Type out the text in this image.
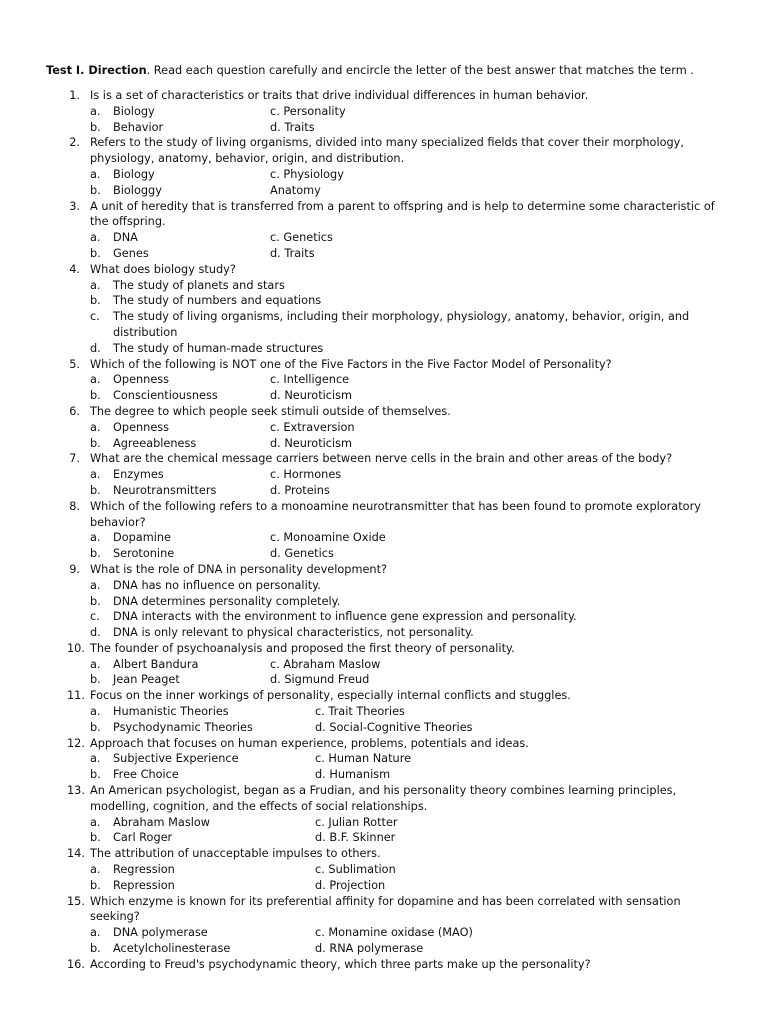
Test I. Direction. Read each question carefully and encircle the letter of the best answer that matches the term .
1. Is is a set of characteristics or traits that drive individual differences in human behavior.
a. Biology	c. Personality
b. Behavior	d. Traits
2. Refers to the study of living organisms, divided into many specialized fields that cover their morphology, physiology, anatomy, behavior, origin, and distribution.
a. Biology	c. Physiology
b. Biologgy	Anatomy
3. A unit of heredity that is transferred from a parent to offspring and is help to determine some characteristic of the offspring.
a. DNA	c. Genetics
b. Genes	d. Traits
4. What does biology study?
a. The study of planets and stars
b. The study of numbers and equations
c. The study of living organisms, including their morphology, physiology, anatomy, behavior, origin, and distribution
d. The study of human-made structures
5. Which of the following is NOT one of the Five Factors in the Five Factor Model of Personality?
a. Openness	c. Intelligence
b. Conscientiousness	d. Neuroticism
6. The degree to which people seek stimuli outside of themselves.
a. Openness	c. Extraversion
b. Agreeableness	d. Neuroticism
7. What are the chemical message carriers between nerve cells in the brain and other areas of the body?
a. Enzymes	c. Hormones
b. Neurotransmitters	d. Proteins
8. Which of the following refers to a monoamine neurotransmitter that has been found to promote exploratory behavior?
a. Dopamine	c. Monoamine Oxide
b. Serotonine	d. Genetics
9. What is the role of DNA in personality development?
a. DNA has no influence on personality.
b. DNA determines personality completely.
c. DNA interacts with the environment to influence gene expression and personality.
d. DNA is only relevant to physical characteristics, not personality.
10. The founder of psychoanalysis and proposed the first theory of personality.
a. Albert Bandura	c. Abraham Maslow
b. Jean Peaget	d. Sigmund Freud
11. Focus on the inner workings of personality, especially internal conflicts and stuggles.
a. Humanistic Theories	c. Trait Theories
b. Psychodynamic Theories	d. Social-Cognitive Theories
12. Approach that focuses on human experience, problems, potentials and ideas.
a. Subjective Experience	c. Human Nature
b. Free Choice	d. Humanism
13. An American psychologist, began as a Frudian, and his personality theory combines learning principles, modelling, cognition, and the effects of social relationships.
a. Abraham Maslow	c. Julian Rotter
b. Carl Roger	d. B.F. Skinner
14. The attribution of unacceptable impulses to others.
a. Regression	c. Sublimation
b. Repression	d. Projection
15. Which enzyme is known for its preferential affinity for dopamine and has been correlated with sensation seeking?
a. DNA polymerase	c. Monamine oxidase (MAO)
b. Acetylcholinesterase	d. RNA polymerase
16. According to Freud's psychodynamic theory, which three parts make up the personality?
